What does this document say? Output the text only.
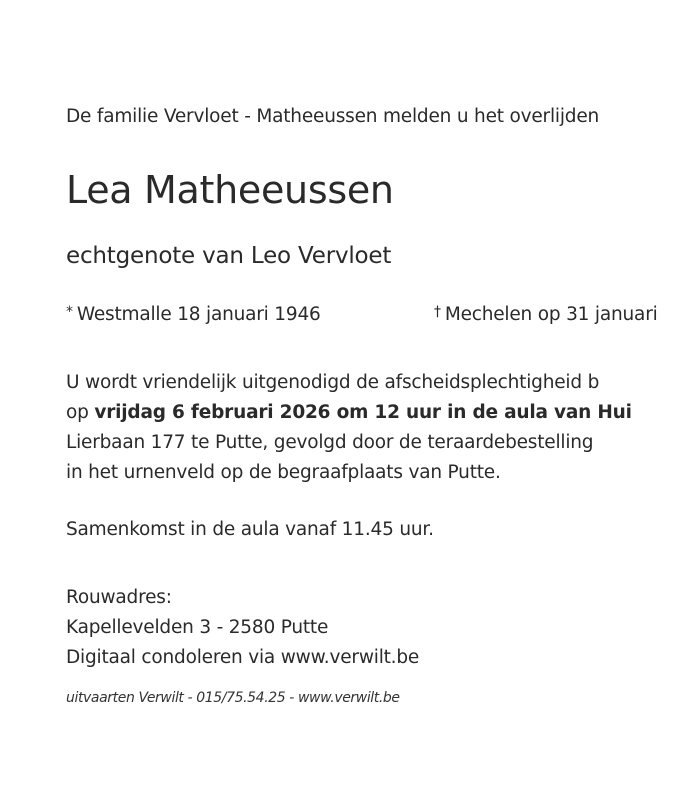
De familie Vervloet - Matheeussen melden u het overlijden

Lea Matheeussen

echtgenote van Leo Vervloet

* Westmalle 18 januari 1946	† Mechelen op 31 januari

U wordt vriendelijk uitgenodigd de afscheidsplechtigheid b

op vrijdag 6 februari 2026 om 12 uur in de aula van Hui

Lierbaan 177 te Putte, gevolgd door de teraardebestelling

in het urnenveld op de begraafplaats van Putte.

Samenkomst in de aula vanaf 11.45 uur.

Rouwadres:

Kapellevelden 3 - 2580 Putte

Digitaal condoleren via www.verwilt.be

uitvaarten Verwilt - 015/75.54.25 - www.verwilt.be
